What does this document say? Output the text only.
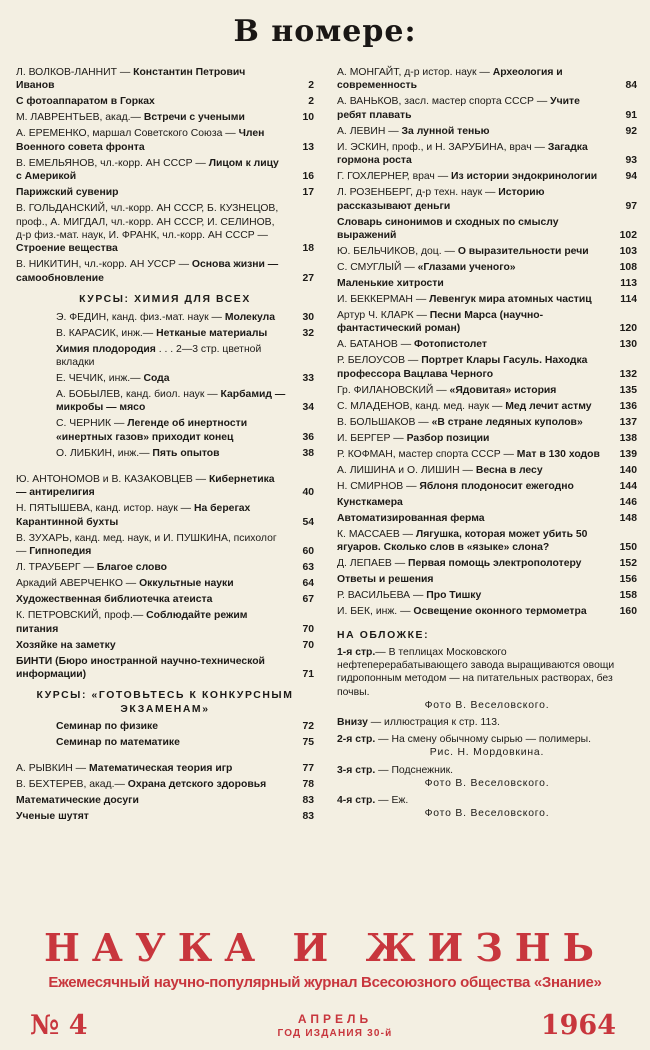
В номере:
Л. ВОЛКОВ-ЛАННИТ — Константин Петрович Иванов	2
С фотоаппаратом в Горках	2
М. ЛАВРЕНТЬЕВ, акад.— Встречи с учеными	10
А. ЕРЕМЕНКО, маршал Советского Союза — Член Военного совета фронта	13
В. ЕМЕЛЬЯНОВ, чл.-корр. АН СССР — Лицом к лицу с Америкой	16
Парижский сувенир	17
В. ГОЛЬДАНСКИЙ, чл.-корр. АН СССР, Б. КУЗНЕЦОВ, проф., А. МИГДАЛ, чл.-корр. АН СССР, И. СЕЛИНОВ, д-р физ.-мат. наук, И. ФРАНК, чл.-корр. АН СССР — Строение вещества	18
В. НИКИТИН, чл.-корр. АН УССР — Основа жизни — самообновление	27
КУРСЫ: ХИМИЯ ДЛЯ ВСЕХ
Э. ФЕДИН, канд. физ.-мат. наук — Молекула	30
В. КАРАСИК, инж.— Нетканые материалы	32
Химия плодородия . . . 2—3 стр. цветной вкладки
Е. ЧЕЧИК, инж.— Сода	33
А. БОБЫЛЕВ, канд. биол. наук — Карбамид — микробы — мясо	34
С. ЧЕРНИК — Легенде об инертности «инертных газов» приходит конец	36
О. ЛИБКИН, инж.— Пять опытов	38
Ю. АНТОНОМОВ и В. КАЗАКОВЦЕВ — Кибернетика — антирелигия	40
Н. ПЯТЫШЕВА, канд. истор. наук — На берегах Карантинной бухты	54
В. ЗУХАРЬ, канд. мед. наук, и И. ПУШКИНА, психолог — Гипнопедия	60
Л. ТРАУБЕРГ — Благое слово	63
Аркадий АВЕРЧЕНКО — Оккультные науки	64
Художественная библиотечка атеиста	67
К. ПЕТРОВСКИЙ, проф.— Соблюдайте режим питания	70
Хозяйке на заметку	70
БИНТИ (Бюро иностранной научно-технической информации)	71
КУРСЫ: «ГОТОВЬТЕСЬ К КОНКУРСНЫМ ЭКЗАМЕНАМ»
Семинар по физике	72
Семинар по математике	75
А. РЫВКИН — Математическая теория игр	77
В. БЕХТЕРЕВ, акад.— Охрана детского здоровья	78
Математические досуги	83
Ученые шутят	83
А. МОНГАЙТ, д-р истор. наук — Археология и современность	84
А. ВАНЬКОВ, засл. мастер спорта СССР — Учите ребят плавать	91
А. ЛЕВИН — За лунной тенью	92
И. ЭСКИН, проф., и Н. ЗАРУБИНА, врач — Загадка гормона роста	93
Г. ГОХЛЕРНЕР, врач — Из истории эндокринологии	94
Л. РОЗЕНБЕРГ, д-р техн. наук — Историю рассказывают деньги	97
Словарь синонимов и сходных по смыслу выражений	102
Ю. БЕЛЬЧИКОВ, доц. — О выразительности речи	103
С. СМУГЛЫЙ — «Глазами ученого»	108
Маленькие хитрости	113
И. БЕККЕРМАН — Левенгук мира атомных частиц	114
Артур Ч. КЛАРК — Песни Марса (научно-фантастический роман)	120
А. БАТАНОВ — Фотопистолет	130
Р. БЕЛОУСОВ — Портрет Клары Гасуль. Находка профессора Вацлава Черного	132
Гр. ФИЛАНОВСКИЙ — «Ядовитая» история	135
С. МЛАДЕНОВ, канд. мед. наук — Мед лечит астму	136
В. БОЛЬШАКОВ — «В стране ледяных куполов»	137
И. БЕРГЕР — Разбор позиции	138
Р. КОФМАН, мастер спорта СССР — Мат в 130 ходов	139
А. ЛИШИНА и О. ЛИШИН — Весна в лесу	140
Н. СМИРНОВ — Яблоня плодоносит ежегодно	144
Кунсткамера	146
Автоматизированная ферма	148
К. МАССАЕВ — Лягушка, которая может убить 50 ягуаров. Сколько слов в «языке» слона?	150
Д. ЛЕПАЕВ — Первая помощь электрополотеру	152
Ответы и решения	156
Р. ВАСИЛЬЕВА — Про Тишку	158
И. БЕК, инж. — Освещение оконного термометра	160
НА ОБЛОЖКЕ:
1-я стр.— В теплицах Московского нефтеперерабатывающего завода выращиваются овощи гидропонным методом — на питательных растворах, без почвы.
Фото В. Веселовского.
Внизу — иллюстрация к стр. 113.
2-я стр. — На смену обычному сырью — полимеры.
Рис. Н. Мордовкина.
3-я стр. — Подснежник.
Фото В. Веселовского.
4-я стр. — Еж.
Фото В. Веселовского.
НАУКА И ЖИЗНЬ
Ежемесячный научно-популярный журнал Всесоюзного общества «Знание»
№ 4	АПРЕЛЬ
ГОД ИЗДАНИЯ 30-й	1964
